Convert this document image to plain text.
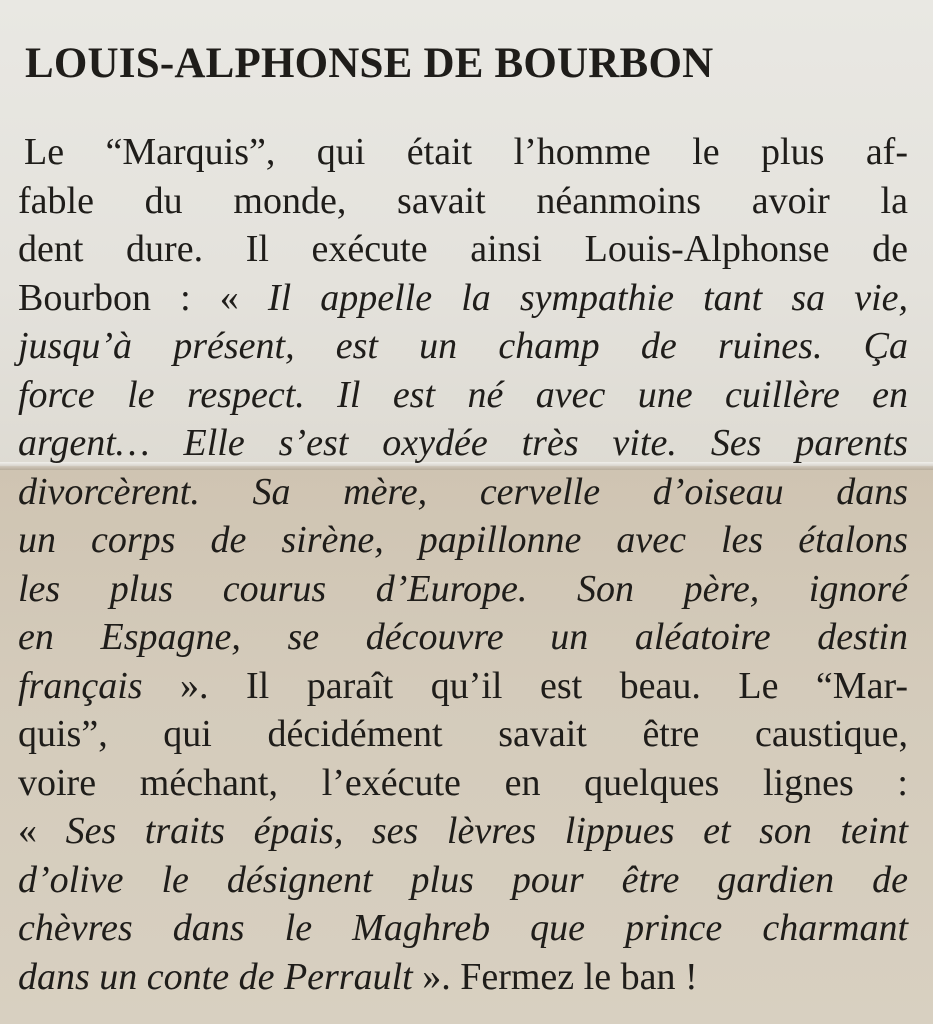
LOUIS-ALPHONSE DE BOURBON
Le “Marquis”, qui était l’homme le plus af-
fable du monde, savait néanmoins avoir la
dent dure. Il exécute ainsi Louis-Alphonse de
Bourbon : « Il appelle la sympathie tant sa vie,
jusqu’à présent, est un champ de ruines. Ça
force le respect. Il est né avec une cuillère en
argent… Elle s’est oxydée très vite. Ses parents
divorcèrent. Sa mère, cervelle d’oiseau dans
un corps de sirène, papillonne avec les étalons
les plus courus d’Europe. Son père, ignoré
en Espagne, se découvre un aléatoire destin
français ». Il paraît qu’il est beau. Le “Mar-
quis”, qui décidément savait être caustique,
voire méchant, l’exécute en quelques lignes :
« Ses traits épais, ses lèvres lippues et son teint
d’olive le désignent plus pour être gardien de
chèvres dans le Maghreb que prince charmant
dans un conte de Perrault ». Fermez le ban !
